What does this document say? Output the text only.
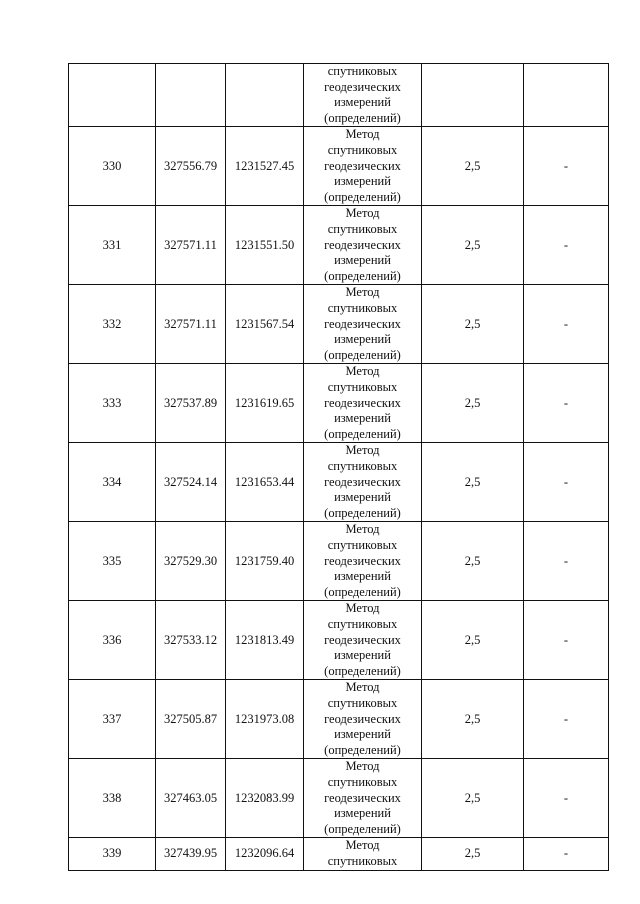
			спутниковых
геодезических
измерений
(определений)		

330	327556.79	1231527.45	Метод
спутниковых
геодезических
измерений
(определений)	2,5	-
331	327571.11	1231551.50	Метод
спутниковых
геодезических
измерений
(определений)	2,5	-
332	327571.11	1231567.54	Метод
спутниковых
геодезических
измерений
(определений)	2,5	-
333	327537.89	1231619.65	Метод
спутниковых
геодезических
измерений
(определений)	2,5	-
334	327524.14	1231653.44	Метод
спутниковых
геодезических
измерений
(определений)	2,5	-
335	327529.30	1231759.40	Метод
спутниковых
геодезических
измерений
(определений)	2,5	-
336	327533.12	1231813.49	Метод
спутниковых
геодезических
измерений
(определений)	2,5	-
337	327505.87	1231973.08	Метод
спутниковых
геодезических
измерений
(определений)	2,5	-
338	327463.05	1232083.99	Метод
спутниковых
геодезических
измерений
(определений)	2,5	-
339	327439.95	1232096.64	Метод
спутниковых	2,5	-
